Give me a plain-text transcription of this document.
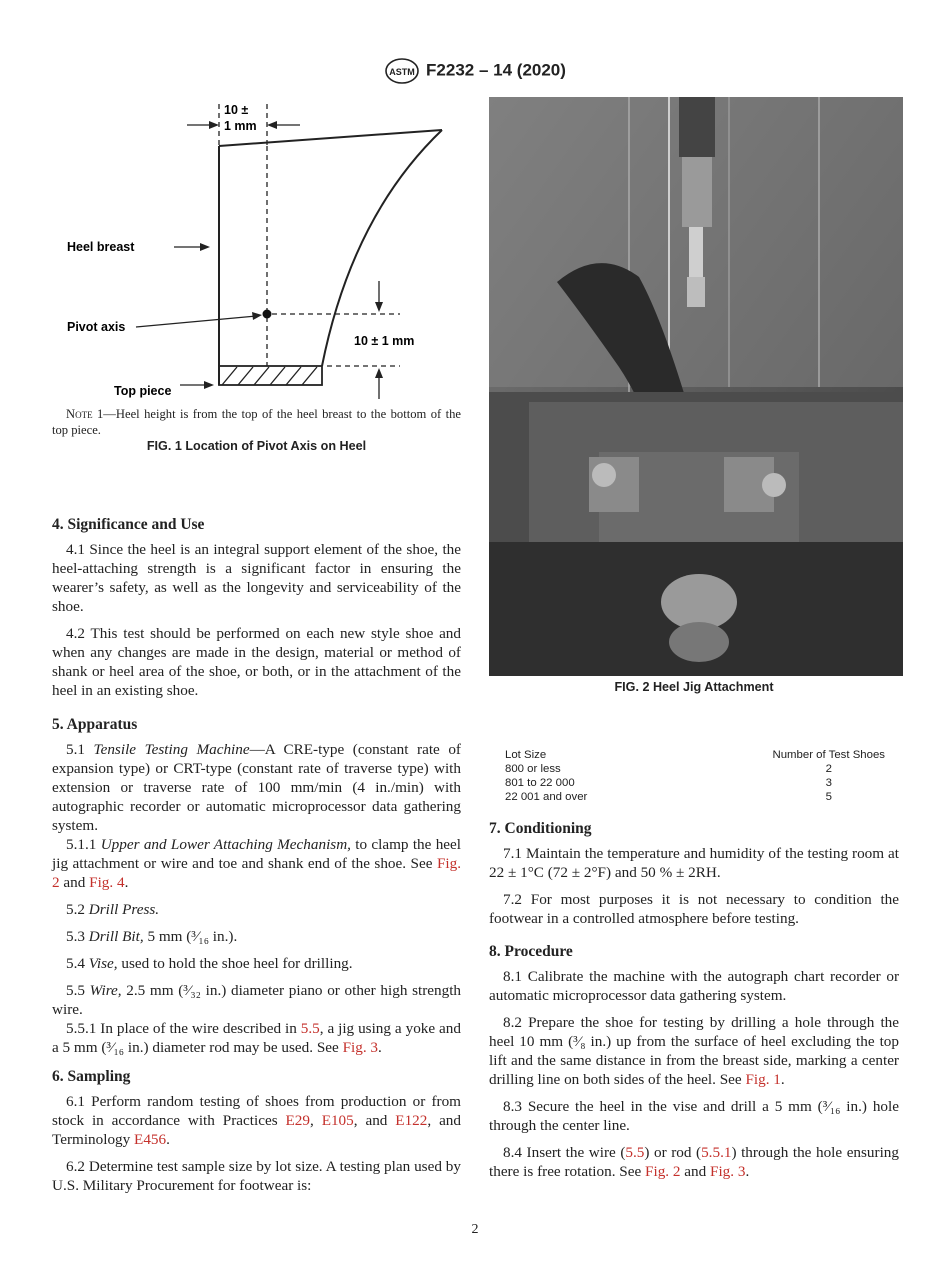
ASTM F2232 – 14 (2020)
10 ±
1 mm
10 ± 1 mm
Heel breast
Pivot axis
Top piece
Note 1—Heel height is from the top of the heel breast to the bottom of the top piece.
FIG. 1 Location of Pivot Axis on Heel
FIG. 2 Heel Jig Attachment
4. Significance and Use

4.1 Since the heel is an integral support element of the shoe, the heel-attaching strength is a significant factor in ensuring the wearer’s safety, as well as the longevity and serviceability of the shoe.

4.2 This test should be performed on each new style shoe and when any changes are made in the design, material or method of shank or heel area of the shoe, or both, or in the attachment of the heel in an existing shoe.

5. Apparatus

5.1 Tensile Testing Machine—A CRE-type (constant rate of expansion type) or CRT-type (constant rate of traverse type) with extension or traverse rate of 100 mm/min (4 in./min) with autographic recorder or automatic microprocessor data gathering system.

5.1.1 Upper and Lower Attaching Mechanism, to clamp the heel jig attachment or wire and toe and shank end of the shoe. See Fig. 2 and Fig. 4.

5.2 Drill Press.

5.3 Drill Bit, 5 mm (³⁄₁₆ in.).

5.4 Vise, used to hold the shoe heel for drilling.

5.5 Wire, 2.5 mm (³⁄₃₂ in.) diameter piano or other high strength wire.

5.5.1 In place of the wire described in 5.5, a jig using a yoke and a 5 mm (³⁄₁₆ in.) diameter rod may be used. See Fig. 3.

6. Sampling

6.1 Perform random testing of shoes from production or from stock in accordance with Practices E29, E105, and E122, and Terminology E456.

6.2 Determine test sample size by lot size. A testing plan used by U.S. Military Procurement for footwear is:

Lot Size	Number of Test Shoes
800 or less	2
801 to 22 000	3
22 001 and over	5
7. Conditioning

7.1 Maintain the temperature and humidity of the testing room at 22 ± 1°C (72 ± 2°F) and 50 % ± 2RH.

7.2 For most purposes it is not necessary to condition the footwear in a controlled atmosphere before testing.

8. Procedure

8.1 Calibrate the machine with the autograph chart recorder or automatic microprocessor data gathering system.

8.2 Prepare the shoe for testing by drilling a hole through the heel 10 mm (³⁄₈ in.) up from the surface of heel excluding the top lift and the same distance in from the breast side, marking a center drilling line on both sides of the heel. See Fig. 1.

8.3 Secure the heel in the vise and drill a 5 mm (³⁄₁₆ in.) hole through the center line.

8.4 Insert the wire (5.5) or rod (5.5.1) through the hole ensuring there is free rotation. See Fig. 2 and Fig. 3.

2
